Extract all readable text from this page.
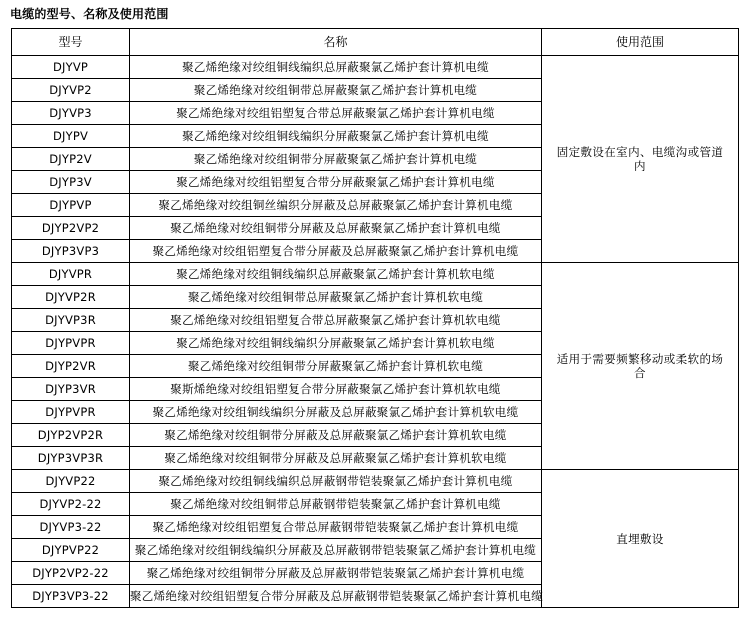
电缆的型号、名称及使用范围
型号	名称	使用范围
DJYVP	聚乙烯绝缘对绞组铜线编织总屏蔽聚氯乙烯护套计算机电缆	固定敷设在室内、电缆沟或管道内

DJYVP2	聚乙烯绝缘对绞组铜带总屏蔽聚氯乙烯护套计算机电缆	
DJYVP3	聚乙烯绝缘对绞组铝塑复合带总屏蔽聚氯乙烯护套计算机电缆	
DJYPV	聚乙烯绝缘对绞组铜线编织分屏蔽聚氯乙烯护套计算机电缆	
DJYP2V	聚乙烯绝缘对绞组铜带分屏蔽聚氯乙烯护套计算机电缆	
DJYP3V	聚乙烯绝缘对绞组铝塑复合带分屏蔽聚氯乙烯护套计算机电缆	
DJYPVP	聚乙烯绝缘对绞组铜丝编织分屏蔽及总屏蔽聚氯乙烯护套计算机电缆	
DJYP2VP2	聚乙烯绝缘对绞组铜带分屏蔽及总屏蔽聚氯乙烯护套计算机电缆	
DJYP3VP3	聚乙烯绝缘对绞组铝塑复合带分屏蔽及总屏蔽聚氯乙烯护套计算机电缆	
DJYVPR	聚乙烯绝缘对绞组铜线编织总屏蔽聚氯乙烯护套计算机软电缆	适用于需要频繁移动或柔软的场合

DJYVP2R	聚乙烯绝缘对绞组铜带总屏蔽聚氯乙烯护套计算机软电缆	
DJYVP3R	聚乙烯绝缘对绞组铝塑复合带总屏蔽聚氯乙烯护套计算机软电缆	
DJYPVPR	聚乙烯绝缘对绞组铜线编织分屏蔽聚氯乙烯护套计算机软电缆	
DJYP2VR	聚乙烯绝缘对绞组铜带分屏蔽聚氯乙烯护套计算机软电缆	
DJYP3VR	聚斯烯绝缘对绞组铝塑复合带分屏蔽聚氯乙烯护套计算机软电缆	
DJYPVPR	聚乙烯绝缘对绞组铜线编织分屏蔽及总屏蔽聚氯乙烯护套计算机软电缆	
DJYP2VP2R	聚乙烯绝缘对绞组铜带分屏蔽及总屏蔽聚氯乙烯护套计算机软电缆	
DJYP3VP3R	聚乙烯绝缘对绞组铜带分屏蔽及总屏蔽聚氯乙烯护套计算机软电缆	
DJYVP22	聚乙烯绝缘对绞组铜线编织总屏蔽钢带铠装聚氯乙烯护套计算机电缆	直埋敷设

DJYVP2-22	聚乙烯绝缘对绞组铜带总屏蔽钢带铠装聚氯乙烯护套计算机电缆	
DJYVP3-22	聚乙烯绝缘对绞组铝塑复合带总屏蔽钢带铠装聚氯乙烯护套计算机电缆	
DJYPVP22	聚乙烯绝缘对绞组铜线编织分屏蔽及总屏蔽钢带铠装聚氯乙烯护套计算机电缆	
DJYP2VP2-22	聚乙烯绝缘对绞组铜带分屏蔽及总屏蔽钢带铠装聚氯乙烯护套计算机电缆	
DJYP3VP3-22	聚乙烯绝缘对绞组铝塑复合带分屏蔽及总屏蔽钢带铠装聚氯乙烯护套计算机电缆	
